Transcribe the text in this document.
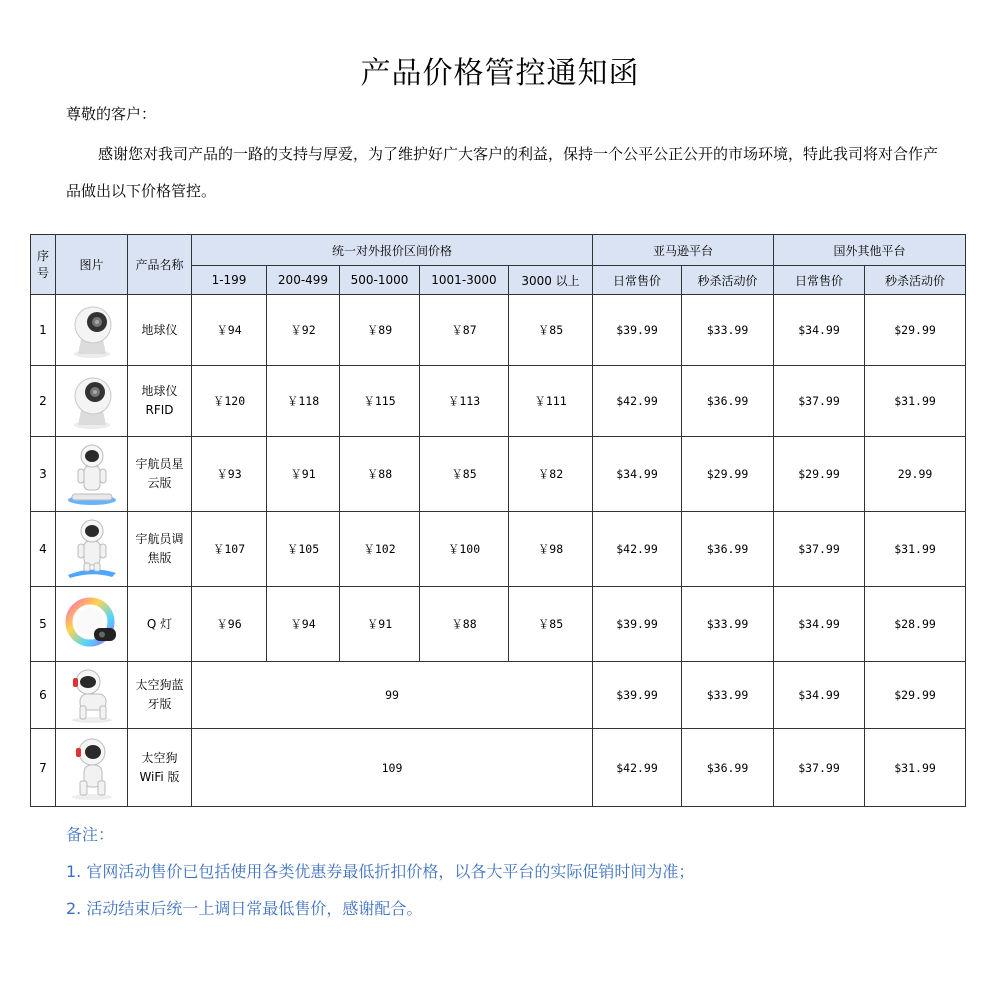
产品价格管控通知函
尊敬的客户：
感谢您对我司产品的一路的支持与厚爱，为了维护好广大客户的利益，保持一个公平公正公开的市场环境，特此我司将对合作产品做出以下价格管控。
序号	图片	产品名称	统一对外报价区间价格					亚马逊平台		国外其他平台	
			1-199	200-499	500-1000	1001-3000	3000 以上	日常售价	秒杀活动价	日常售价	秒杀活动价
1		地球仪	￥94	￥92	￥89	￥87	￥85	$39.99	$33.99	$34.99	$29.99
2		地球仪 RFID	￥120	￥118	￥115	￥113	￥111	$42.99	$36.99	$37.99	$31.99
3		宇航员星云版	￥93	￥91	￥88	￥85	￥82	$34.99	$29.99	$29.99	29.99
4		宇航员调焦版	￥107	￥105	￥102	￥100	￥98	$42.99	$36.99	$37.99	$31.99
5		Q 灯	￥96	￥94	￥91	￥88	￥85	$39.99	$33.99	$34.99	$28.99
6		太空狗蓝牙版	99					$39.99	$33.99	$34.99	$29.99
7		太空狗 WiFi 版	109					$42.99	$36.99	$37.99	$31.99
备注：
1. 官网活动售价已包括使用各类优惠券最低折扣价格，以各大平台的实际促销时间为准；
2. 活动结束后统一上调日常最低售价，感谢配合。
